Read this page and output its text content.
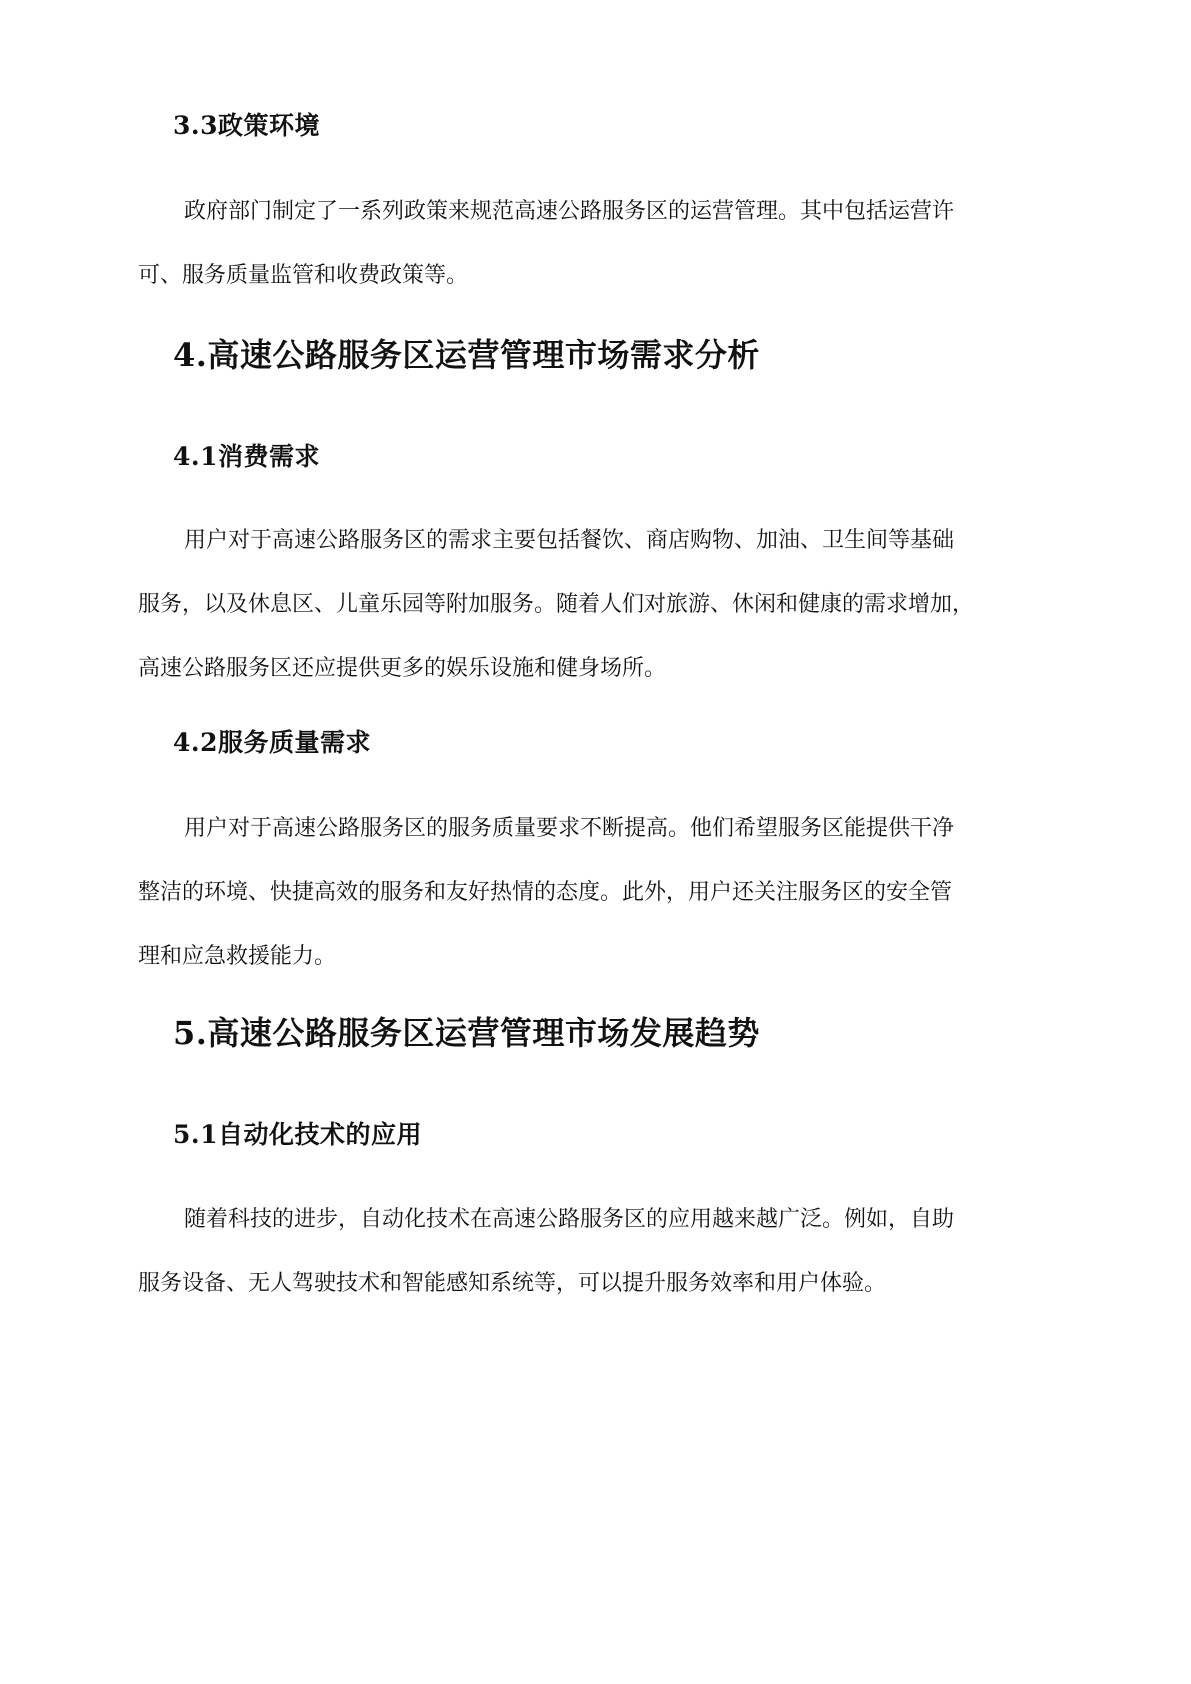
3.3政策环境
政府部门制定了一系列政策来规范高速公路服务区的运营管理。其中包括运营许
可、服务质量监管和收费政策等。
4.高速公路服务区运营管理市场需求分析
4.1消费需求
用户对于高速公路服务区的需求主要包括餐饮、商店购物、加油、卫生间等基础
服务，以及休息区、儿童乐园等附加服务。随着人们对旅游、休闲和健康的需求增加，
高速公路服务区还应提供更多的娱乐设施和健身场所。
4.2服务质量需求
用户对于高速公路服务区的服务质量要求不断提高。他们希望服务区能提供干净
整洁的环境、快捷高效的服务和友好热情的态度。此外，用户还关注服务区的安全管
理和应急救援能力。
5.高速公路服务区运营管理市场发展趋势
5.1自动化技术的应用
随着科技的进步，自动化技术在高速公路服务区的应用越来越广泛。例如，自助
服务设备、无人驾驶技术和智能感知系统等，可以提升服务效率和用户体验。
